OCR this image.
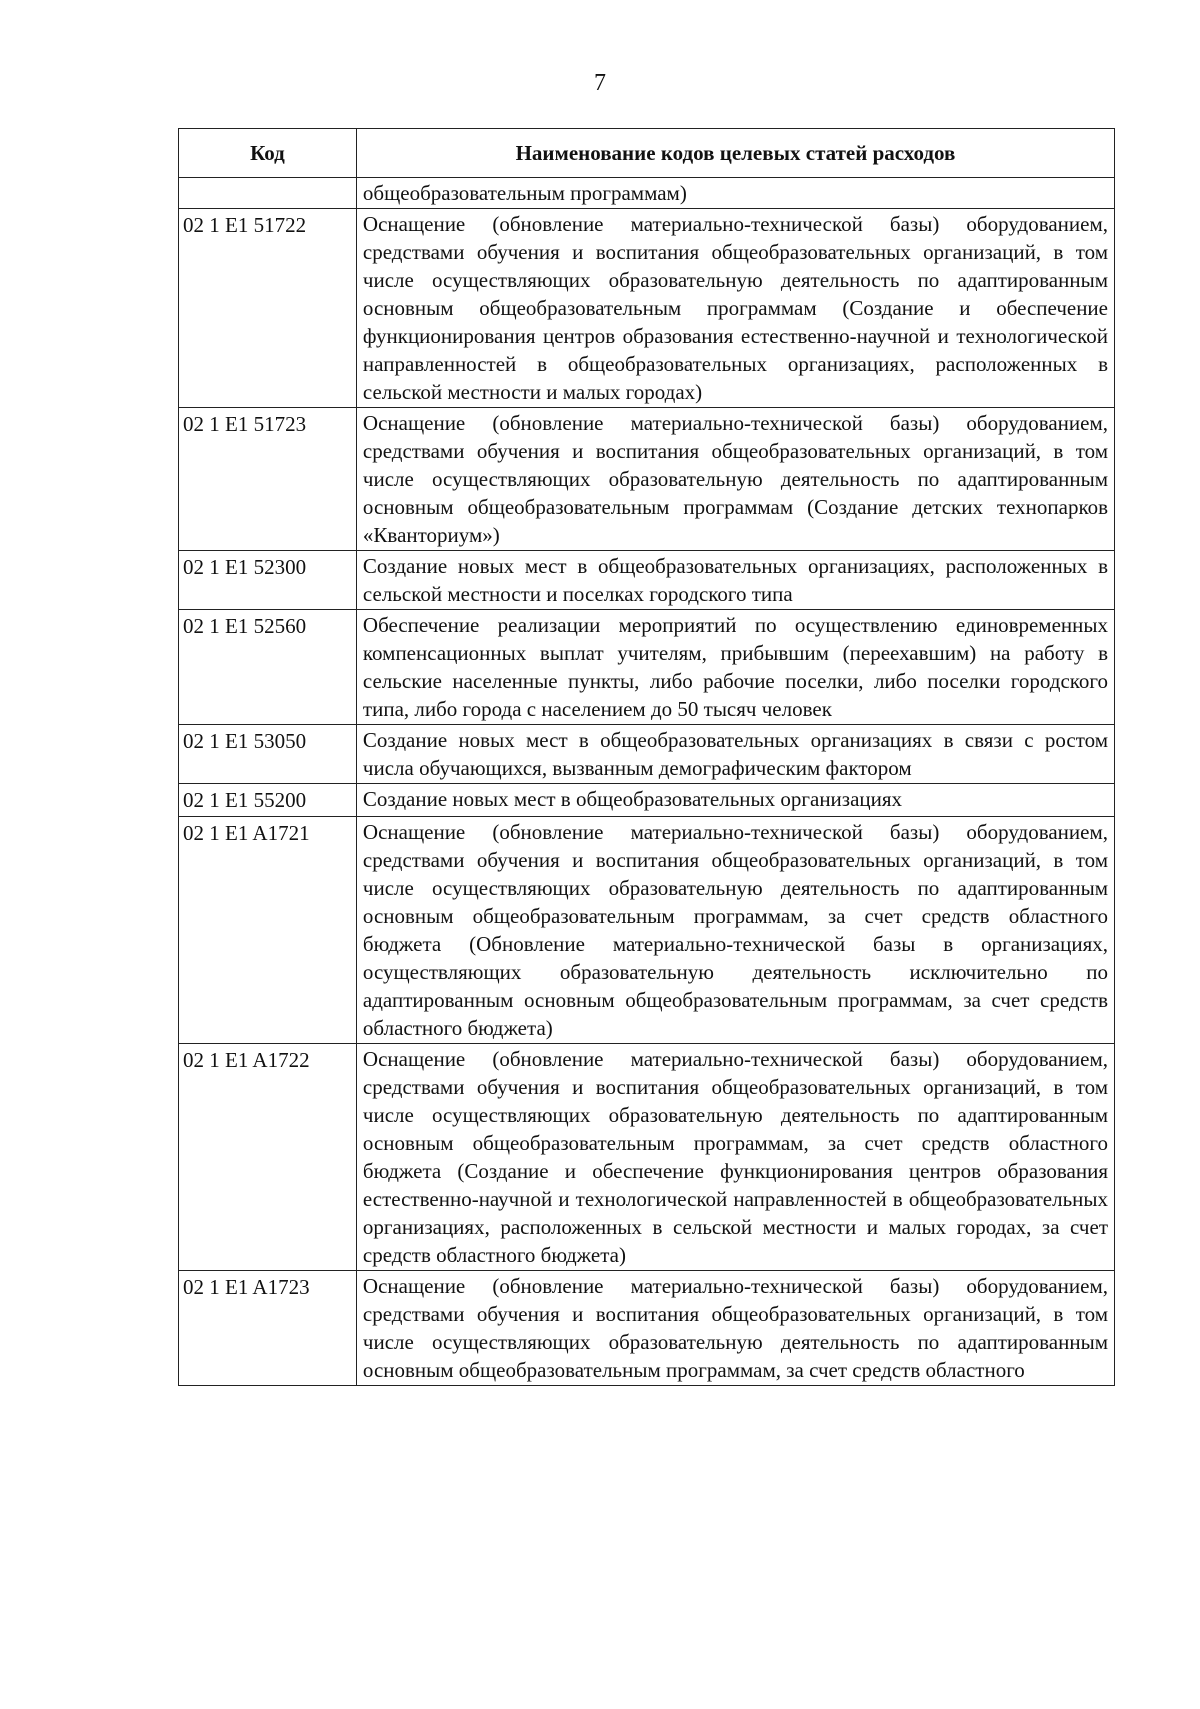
7
Код	Наименование кодов целевых статей расходов
	общеобразовательным программам)
02 1 E1 51722	Оснащение (обновление материально-технической базы) оборудованием, средствами обучения и воспитания общеобразовательных организаций, в том числе осуществляющих образовательную деятельность по адаптированным основным общеобразовательным программам (Создание и обеспечение функционирования центров образования естественно-научной и технологической направленностей в общеобразовательных организациях, расположенных в сельской местности и малых городах)
02 1 E1 51723	Оснащение (обновление материально-технической базы) оборудованием, средствами обучения и воспитания общеобразовательных организаций, в том числе осуществляющих образовательную деятельность по адаптированным основным общеобразовательным программам (Создание детских технопарков «Кванториум»)
02 1 E1 52300	Создание новых мест в общеобразовательных организациях, расположенных в сельской местности и поселках городского типа
02 1 E1 52560	Обеспечение реализации мероприятий по осуществлению единовременных компенсационных выплат учителям, прибывшим (переехавшим) на работу в сельские населенные пункты, либо рабочие поселки, либо поселки городского типа, либо города с населением до 50 тысяч человек
02 1 E1 53050	Создание новых мест в общеобразовательных организациях в связи с ростом числа обучающихся, вызванным демографическим фактором
02 1 E1 55200	Создание новых мест в общеобразовательных организациях
02 1 E1 A1721	Оснащение (обновление материально-технической базы) оборудованием, средствами обучения и воспитания общеобразовательных организаций, в том числе осуществляющих образовательную деятельность по адаптированным основным общеобразовательным программам, за счет средств областного бюджета (Обновление материально-технической базы в организациях, осуществляющих образовательную деятельность исключительно по адаптированным основным общеобразовательным программам, за счет средств областного бюджета)
02 1 E1 A1722	Оснащение (обновление материально-технической базы) оборудованием, средствами обучения и воспитания общеобразовательных организаций, в том числе осуществляющих образовательную деятельность по адаптированным основным общеобразовательным программам, за счет средств областного бюджета (Создание и обеспечение функционирования центров образования естественно-научной и технологической направленностей в общеобразовательных организациях, расположенных в сельской местности и малых городах, за счет средств областного бюджета)
02 1 E1 A1723	Оснащение (обновление материально-технической базы) оборудованием, средствами обучения и воспитания общеобразовательных организаций, в том числе осуществляющих образовательную деятельность по адаптированным основным общеобразовательным программам, за счет средств областного
